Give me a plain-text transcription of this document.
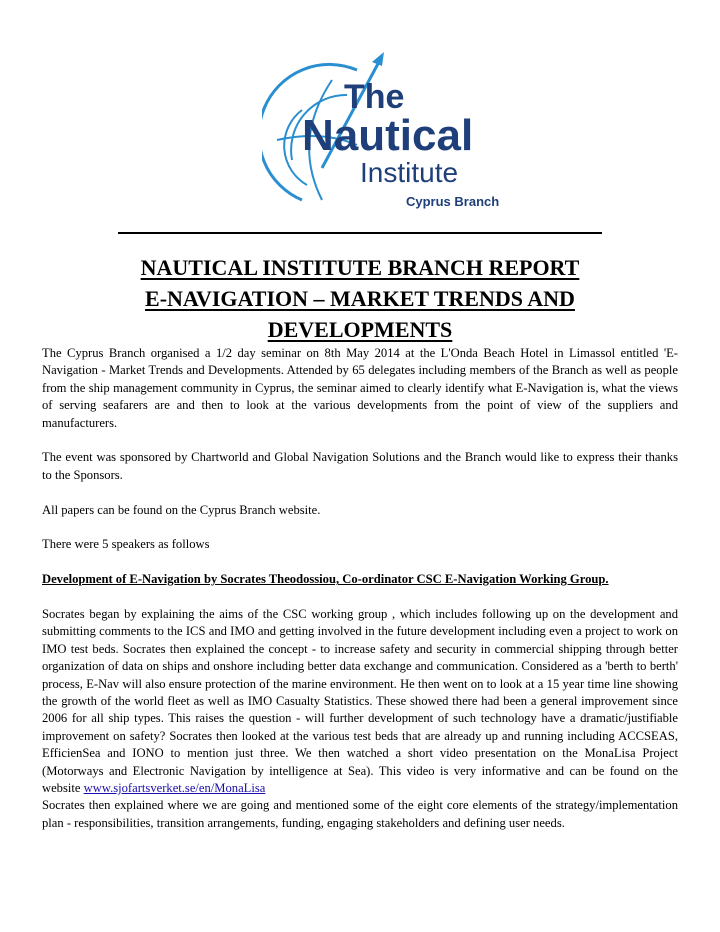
The
Nautical
Institute
Cyprus Branch
NAUTICAL INSTITUTE BRANCH REPORT
E-NAVIGATION – MARKET TRENDS AND
DEVELOPMENTS

The Cyprus Branch organised a 1/2 day seminar on 8th May 2014 at the L'Onda Beach Hotel in Limassol entitled 'E-Navigation - Market Trends and Developments. Attended by 65 delegates including members of the Branch as well as people from the ship management community in Cyprus, the seminar aimed to clearly identify what E-Navigation is, what the views of serving seafarers are and then to look at the various developments from the point of view of the suppliers and manufacturers.

The event was sponsored by Chartworld and Global Navigation Solutions and the Branch would like to express their thanks to the Sponsors.

All papers can be found on the Cyprus Branch website.

There were 5 speakers as follows

Development of E-Navigation by Socrates Theodossiou, Co-ordinator CSC E-Navigation Working Group.

Socrates began by explaining the aims of the CSC working group , which includes following up on the development and submitting comments to the ICS and IMO and getting involved in the future development including even a project to work on IMO test beds. Socrates then explained the concept - to increase safety and security in commercial shipping through better organization of data on ships and onshore including better data exchange and communication. Considered as a 'berth to berth' process, E-Nav will also ensure protection of the marine environment. He then went on to look at a 15 year time line showing the growth of the world fleet as well as IMO Casualty Statistics. These showed there had been a general improvement since 2006 for all ship types. This raises the question - will further development of such technology have a dramatic/justifiable improvement on safety? Socrates then looked at the various test beds that are already up and running including ACCSEAS, EfficienSea and IONO to mention just three. We then watched a short video presentation on the MonaLisa Project (Motorways and Electronic Navigation by intelligence at Sea). This video is very informative and can be found on the website www.sjofartsverket.se/en/MonaLisa

Socrates then explained where we are going and mentioned some of the eight core elements of the strategy/implementation plan - responsibilities, transition arrangements, funding, engaging stakeholders and defining user needs.
